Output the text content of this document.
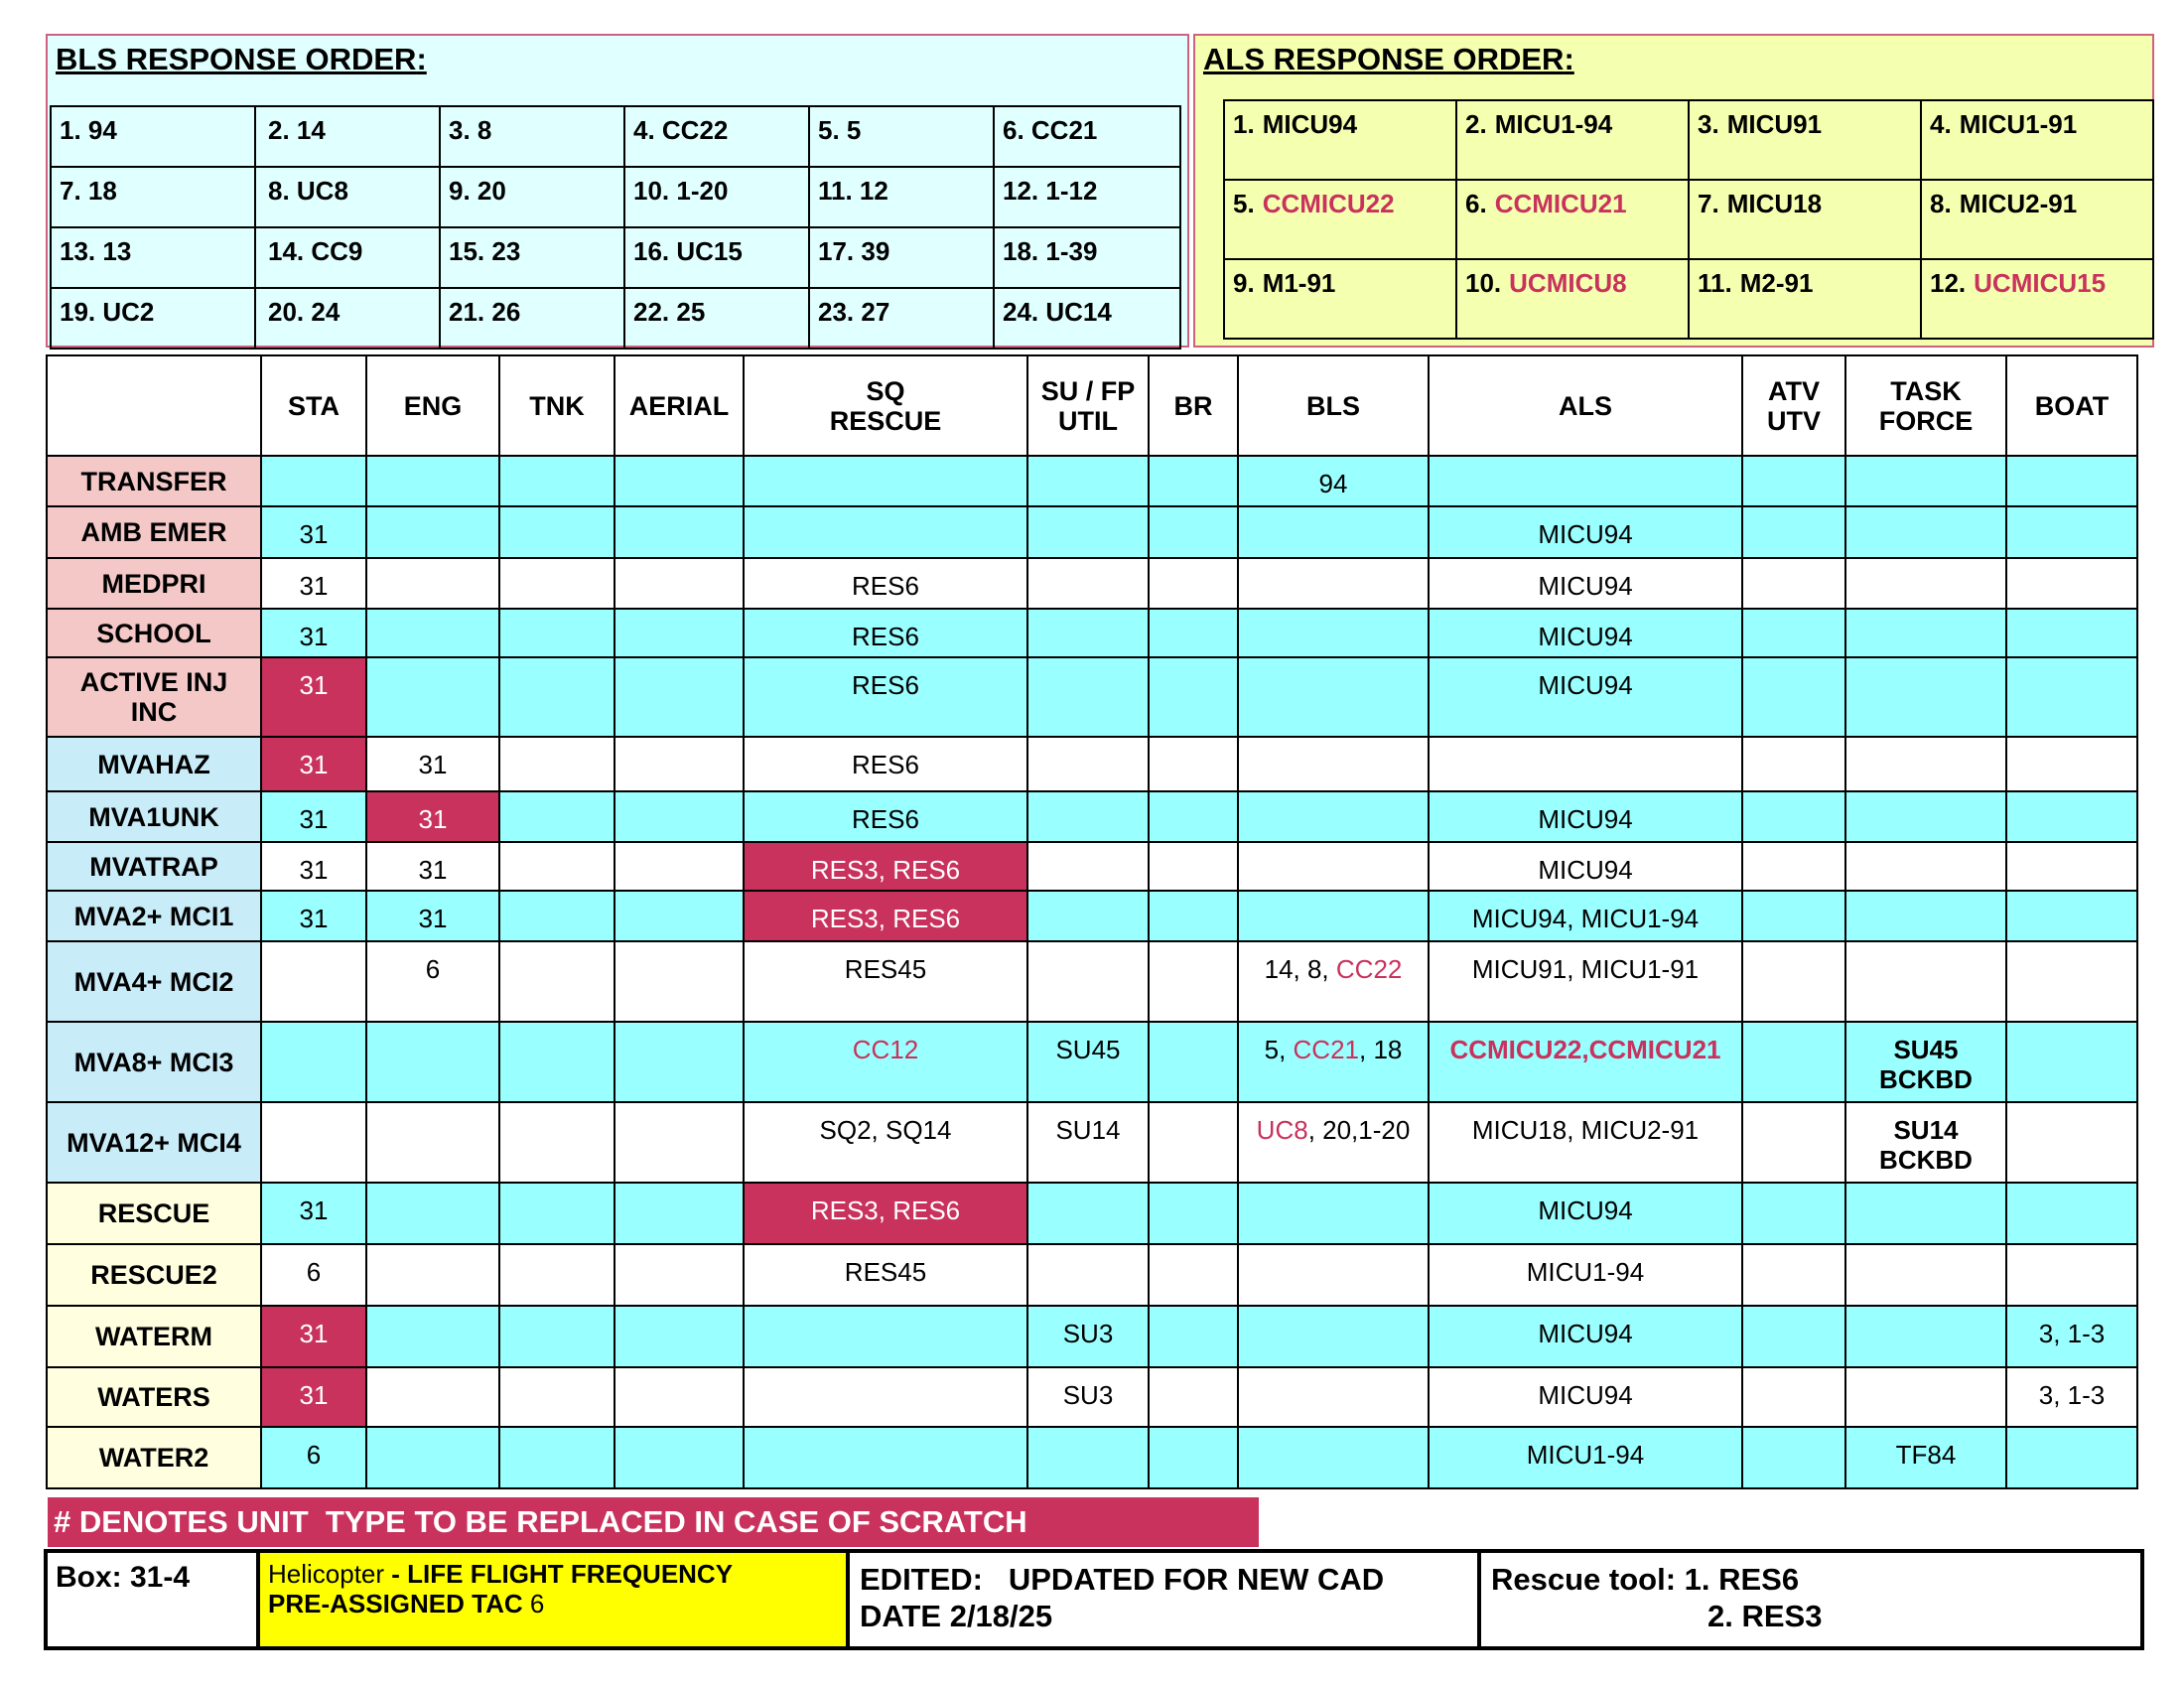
BLS RESPONSE ORDER:
1. 94	2. 14	3. 8	4. CC22	5. 5	6. CC21
7. 18	8. UC8	9. 20	10. 1-20	11. 12	12. 1-12
13. 13	14. CC9	15. 23	16. UC15	17. 39	18. 1-39
19. UC2	20. 24	21. 26	22. 25	23. 27	24. UC14
ALS RESPONSE ORDER:
1. MICU94	2. MICU1-94	3. MICU91	4. MICU1-91
5. CCMICU22	6. CCMICU21	7. MICU18	8. MICU2-91
9. M1-91	10. UCMICU8	11. M2-91	12. UCMICU15
	STA	ENG	TNK	AERIAL	SQ
RESCUE	SU / FP
UTIL	BR	BLS	ALS	ATV
UTV	TASK
FORCE	BOAT
TRANSFER								94				

AMB EMER	31								MICU94			

MEDPRI	31				RES6				MICU94			

SCHOOL	31				RES6				MICU94			

ACTIVE INJ
INC	31				RES6				MICU94			

MVAHAZ	31	31			RES6							

MVA1UNK	31	31			RES6				MICU94			

MVATRAP	31	31			RES3, RES6				MICU94			

MVA2+ MCI1	31	31			RES3, RES6				MICU94, MICU1-94			

MVA4+ MCI2		6			RES45			14, 8, CC22	MICU91, MICU1-91			

MVA8+ MCI3					CC12	SU45		5, CC21, 18	CCMICU22,CCMICU21		SU45
BCKBD	

MVA12+ MCI4					SQ2, SQ14	SU14		UC8, 20,1-20	MICU18, MICU2-91		SU14
BCKBD	

RESCUE	31				RES3, RES6				MICU94			

RESCUE2	6				RES45				MICU1-94			

WATERM	31					SU3			MICU94			3, 1-3

WATERS	31					SU3			MICU94			3, 1-3

WATER2	6								MICU1-94		TF84	

# DENOTES UNIT  TYPE TO BE REPLACED IN CASE OF SCRATCH
Box: 31-4	Helicopter - LIFE FLIGHT FREQUENCY
PRE-ASSIGNED TAC 6

EDITED:   UPDATED FOR NEW CAD
DATE 2/18/25

Rescue tool: 1. RES6
2. RES3
